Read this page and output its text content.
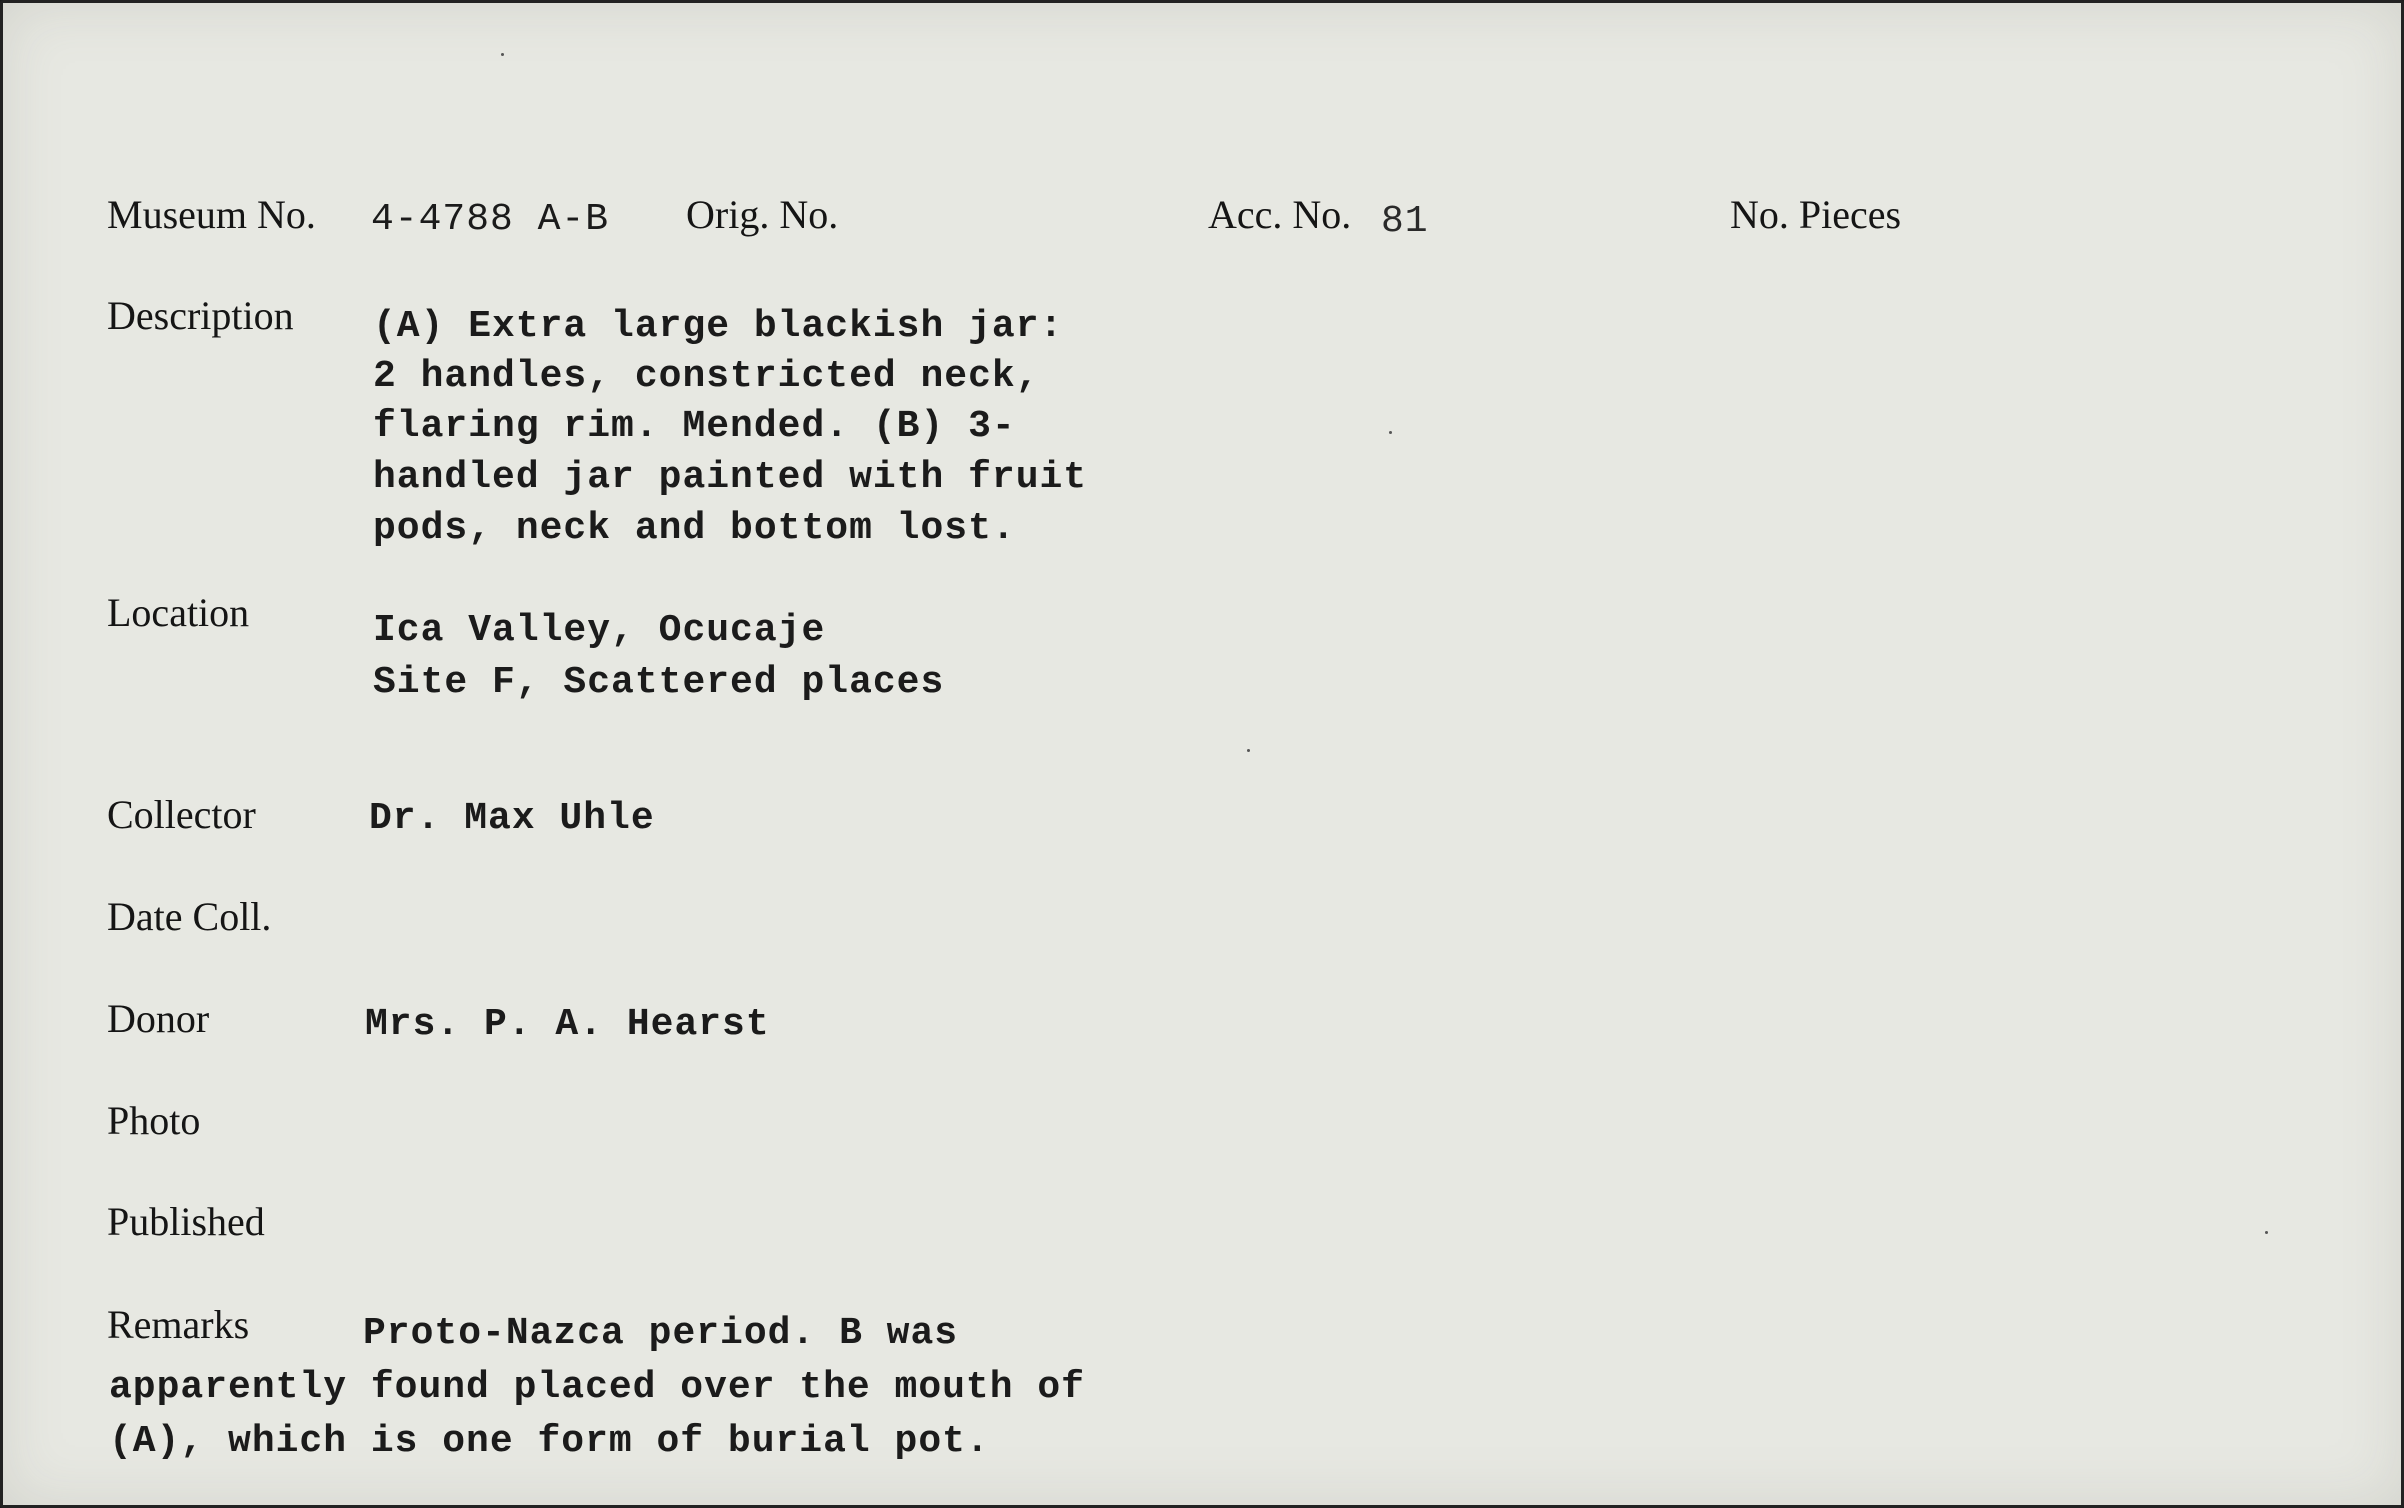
Museum No. 4-4788 A-B Orig. No.	Acc. No. 81	No. Pieces
Description (A) Extra large blackish jar:
2 handles, constricted neck,
flaring rim. Mended. (B) 3-
handled jar painted with fruit
pods, neck and bottom lost.
Location	Ica Valley, Ocucaje
Site F, Scattered places
Collector	Dr. Max Uhle
Date Coll.
Donor	Mrs. P. A. Hearst
Photo
Published
Remarks	Proto-Nazca period. B was
apparently found placed over the mouth of
(A), which is one form of burial pot.
